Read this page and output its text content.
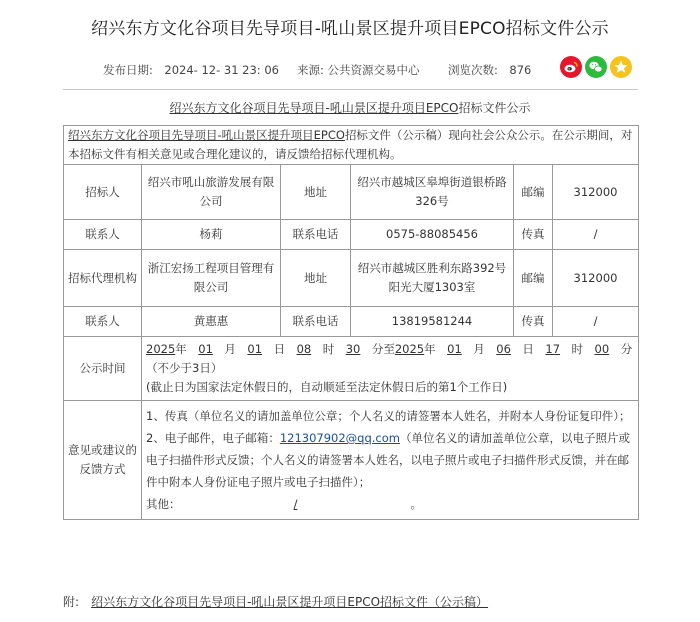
绍兴东方文化谷项目先导项目-吼山景区提升项目EPCO招标文件公示
发布日期:　2024- 12- 31 23: 06 来源: 公共资源交易中心 浏览次数:　876
绍兴东方文化谷项目先导项目-吼山景区提升项目EPCO招标文件公示
绍兴东方文化谷项目先导项目-吼山景区提升项目EPCO招标文件（公示稿）现向社会公众公示。在公示期间，对本招标文件有相关意见或合理化建议的，请反馈给招标代理机构。					
招标人	绍兴市吼山旅游发展有限公司	地址	绍兴市越城区皋埠街道银桥路326号	邮编	312000
联系人	杨莉	联系电话	0575-88085456	传真	/
招标代理机构	浙江宏扬工程项目管理有限公司	地址	绍兴市越城区胜利东路392号阳光大厦1303室	邮编	312000
联系人	黄惠惠	联系电话	13819581244	传真	/
公示时间	2025年　 01　 月　 01　 日　 08　 时　 30　 分至2025年　 01　 月　 06　 日　 17　 时　 00　 分（不少于3日）
(截止日为国家法定休假日的，自动顺延至法定休假日后的第1个工作日)				

意见或建议的反馈方式	1、传真（单位名义的请加盖单位公章；个人名义的请签署本人姓名，并附本人身份证复印件）；
2、电子邮件，电子邮箱：121307902@qq.com（单位名义的请加盖单位公章，以电子照片或电子扫描件形式反馈；个人名义的请签署本人姓名，以电子照片或电子扫描件形式反馈，并在邮件中附本人身份证电子照片或电子扫描件）；
其他： / 。				
附:　 绍兴东方文化谷项目先导项目-吼山景区提升项目EPCO招标文件（公示稿）
